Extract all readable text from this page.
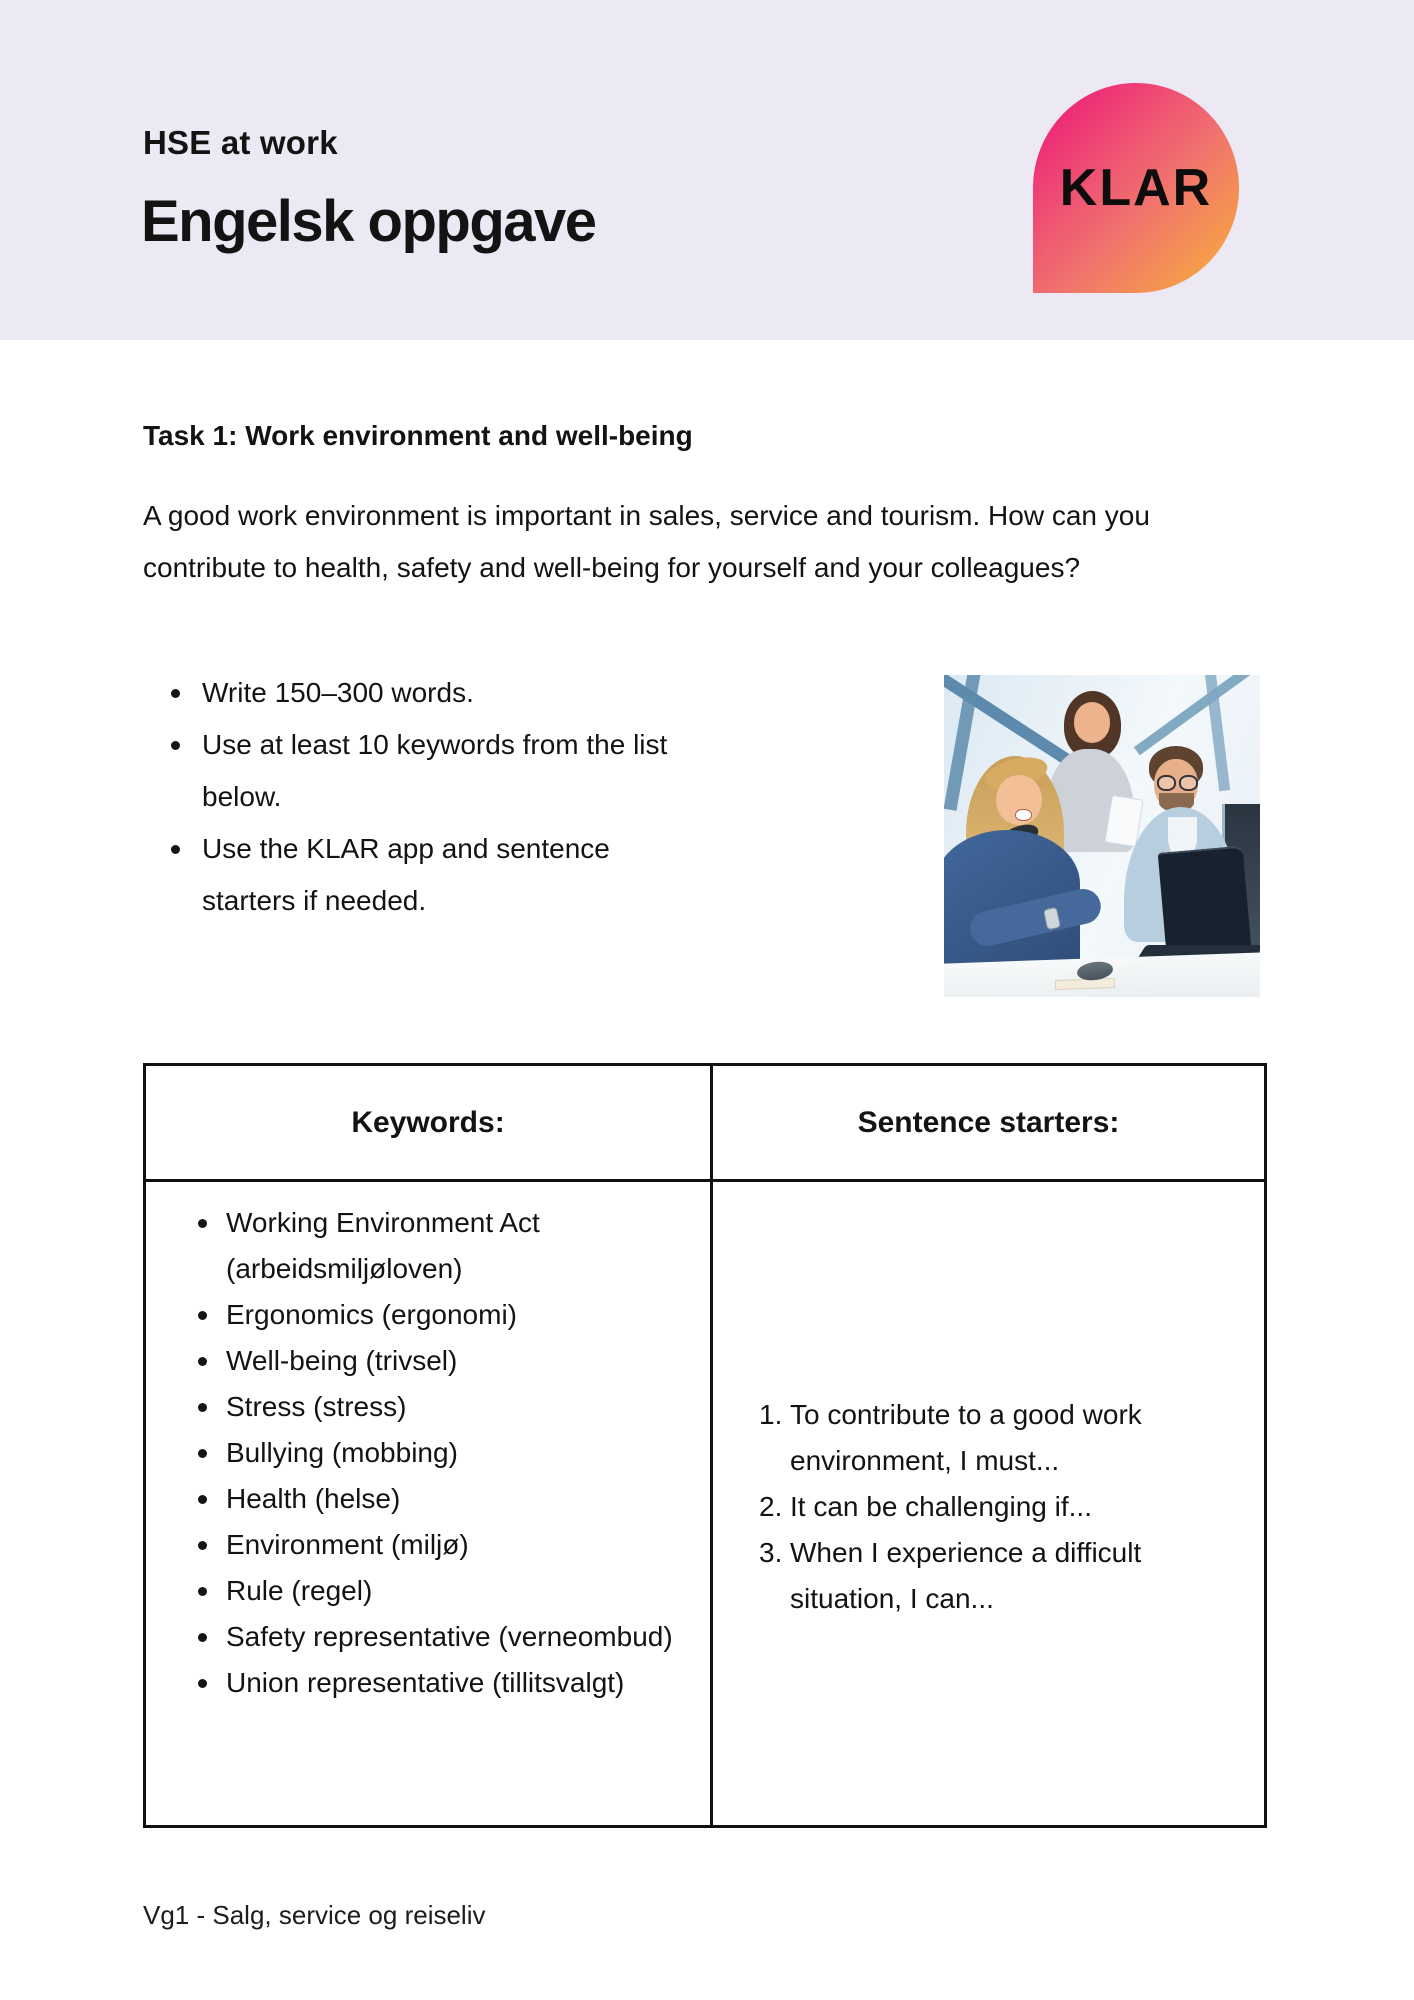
HSE at work
Engelsk oppgave
KLAR
Task 1: Work environment and well-being
A good work environment is important in sales, service and tourism. How can you contribute to health, safety and well-being for yourself and your colleagues?
Write 150–300 words.
Use at least 10 keywords from the list below.
Use the KLAR app and sentence starters if needed.
Keywords:	Sentence starters:
Working Environment Act (arbeidsmiljøloven)
Ergonomics (ergonomi)
Well-being (trivsel)
Stress (stress)
Bullying (mobbing)
Health (helse)
Environment (miljø)
Rule (regel)
Safety representative (verneombud)
Union representative (tillitsvalgt)
To contribute to a good work environment, I must...
It can be challenging if...
When I experience a difficult situation, I can...
Vg1 - Salg, service og reiseliv
